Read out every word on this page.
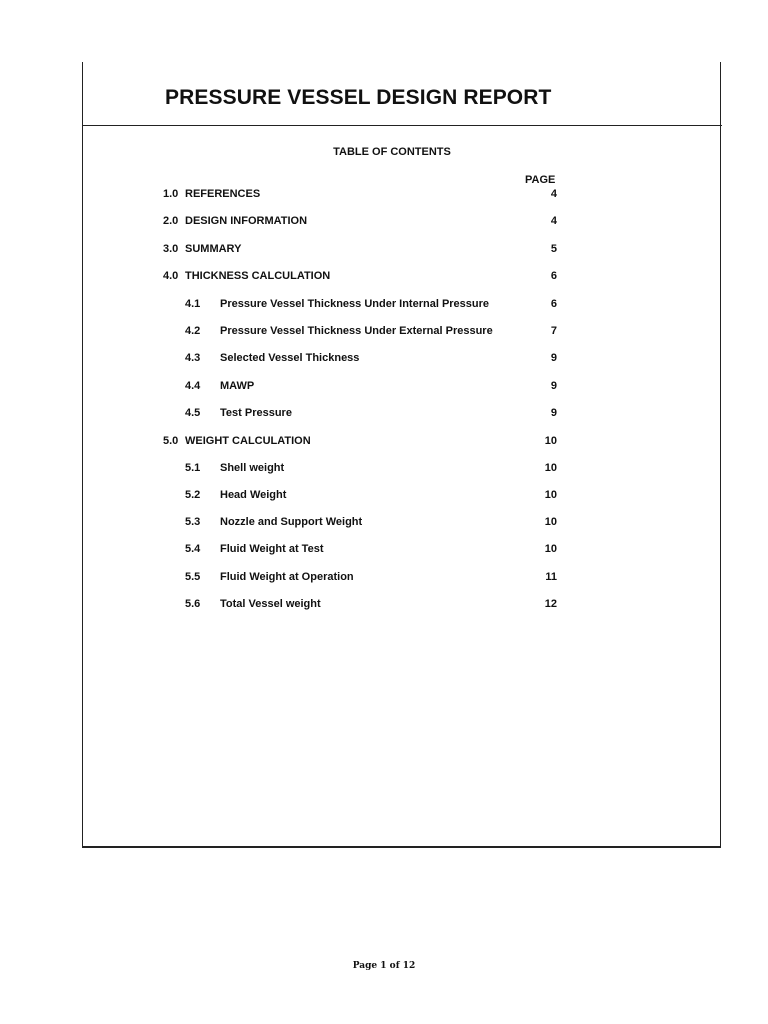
PRESSURE VESSEL DESIGN REPORT
TABLE OF CONTENTS
PAGE
1.0 REFERENCES	4
2.0 DESIGN INFORMATION	4
3.0 SUMMARY	5
4.0 THICKNESS CALCULATION	6
4.1 Pressure Vessel Thickness Under Internal Pressure	6
4.2 Pressure Vessel Thickness Under External Pressure	7
4.3 Selected Vessel Thickness	9
4.4 MAWP	9
4.5 Test Pressure	9
5.0 WEIGHT CALCULATION	10
5.1 Shell weight	10
5.2 Head Weight	10
5.3 Nozzle and Support Weight	10
5.4 Fluid Weight at Test	10
5.5 Fluid Weight at Operation	11
5.6 Total Vessel weight	12
Page 1 of 12
